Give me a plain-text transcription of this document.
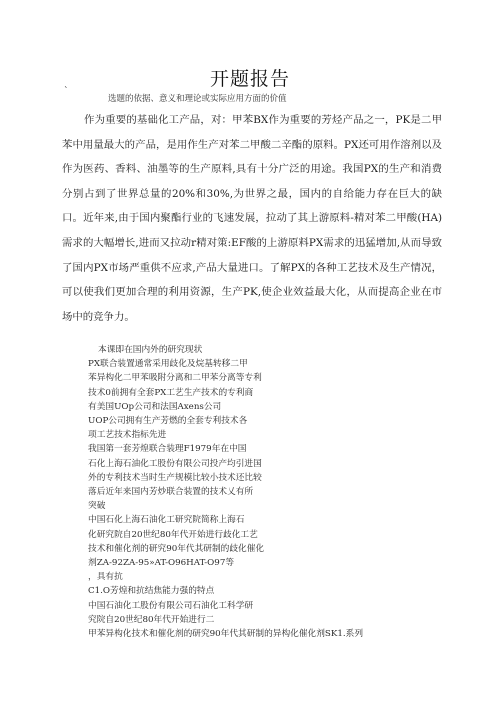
开题报告
`
选题的依据、意义和理论或实际应用方面的价值

作为重要的基础化工产品，对：甲苯BX作为重要的芳烃产品之一，PK是二甲苯中用量最大的产品，是用作生产对苯二甲酸二辛酯的原料。PX还可用作溶剂以及作为医药、香料、油墨等的生产原料,具有十分广泛的用途。我国PX的生产和消费分别占到了世界总量的20%和30%,为世界之最，国内的自给能力存在巨大的缺口。近年来,由于国内聚酯行业的飞速发展，拉动了其上游原料-精对苯二甲酸(HA)需求的大幅增长,进而又拉动r精对策:EF酸的上游原料PX需求的迅猛增加,从而导致了国内PX市场严重供不应求,产品大量进口。了解PX的各种工艺技术及生产情况，可以使我们更加合理的利用资源，生产PK,使企业效益最大化，从而提高企业在市场中的竞争力。

本课即在国内外的研究现状
PX联合装置通常采用歧化及烷基转移二甲
苯异构化二甲苯吸附分离和二甲苯分离等专利
技术0前拥有全套PX工艺生产技术的专利商
有美国UOp公司和法国Axens公司
UOP公司拥有生产芳燃的全套专利技术各
项工艺技术指标先进
我国第一套芳煌联合装理F1979年在中国
石化上海石油化工股份有限公司投产均引进国
外的专利技术当时生产规模比较小技术还比较
落后近年来国内芳炒联合装置的技术乂有所
突破
中国石化上海石油化工研究院简称上海石
化研究院自20世纪80年代开始进行歧化工艺
技术和催化剂的研究90年代其研制的歧化催化
剂ZA-92ZA-95»AT-O96HAT-O97等
，具有抗
C1.O芳煌和抗结焦能力强的特点
中国石油化工股份有限公司石油化工科学研
究院自20世纪80年代开始进行二
甲苯异构化技术和催化剂的研究90年代其研制的异构化催化剂SK1.系列
